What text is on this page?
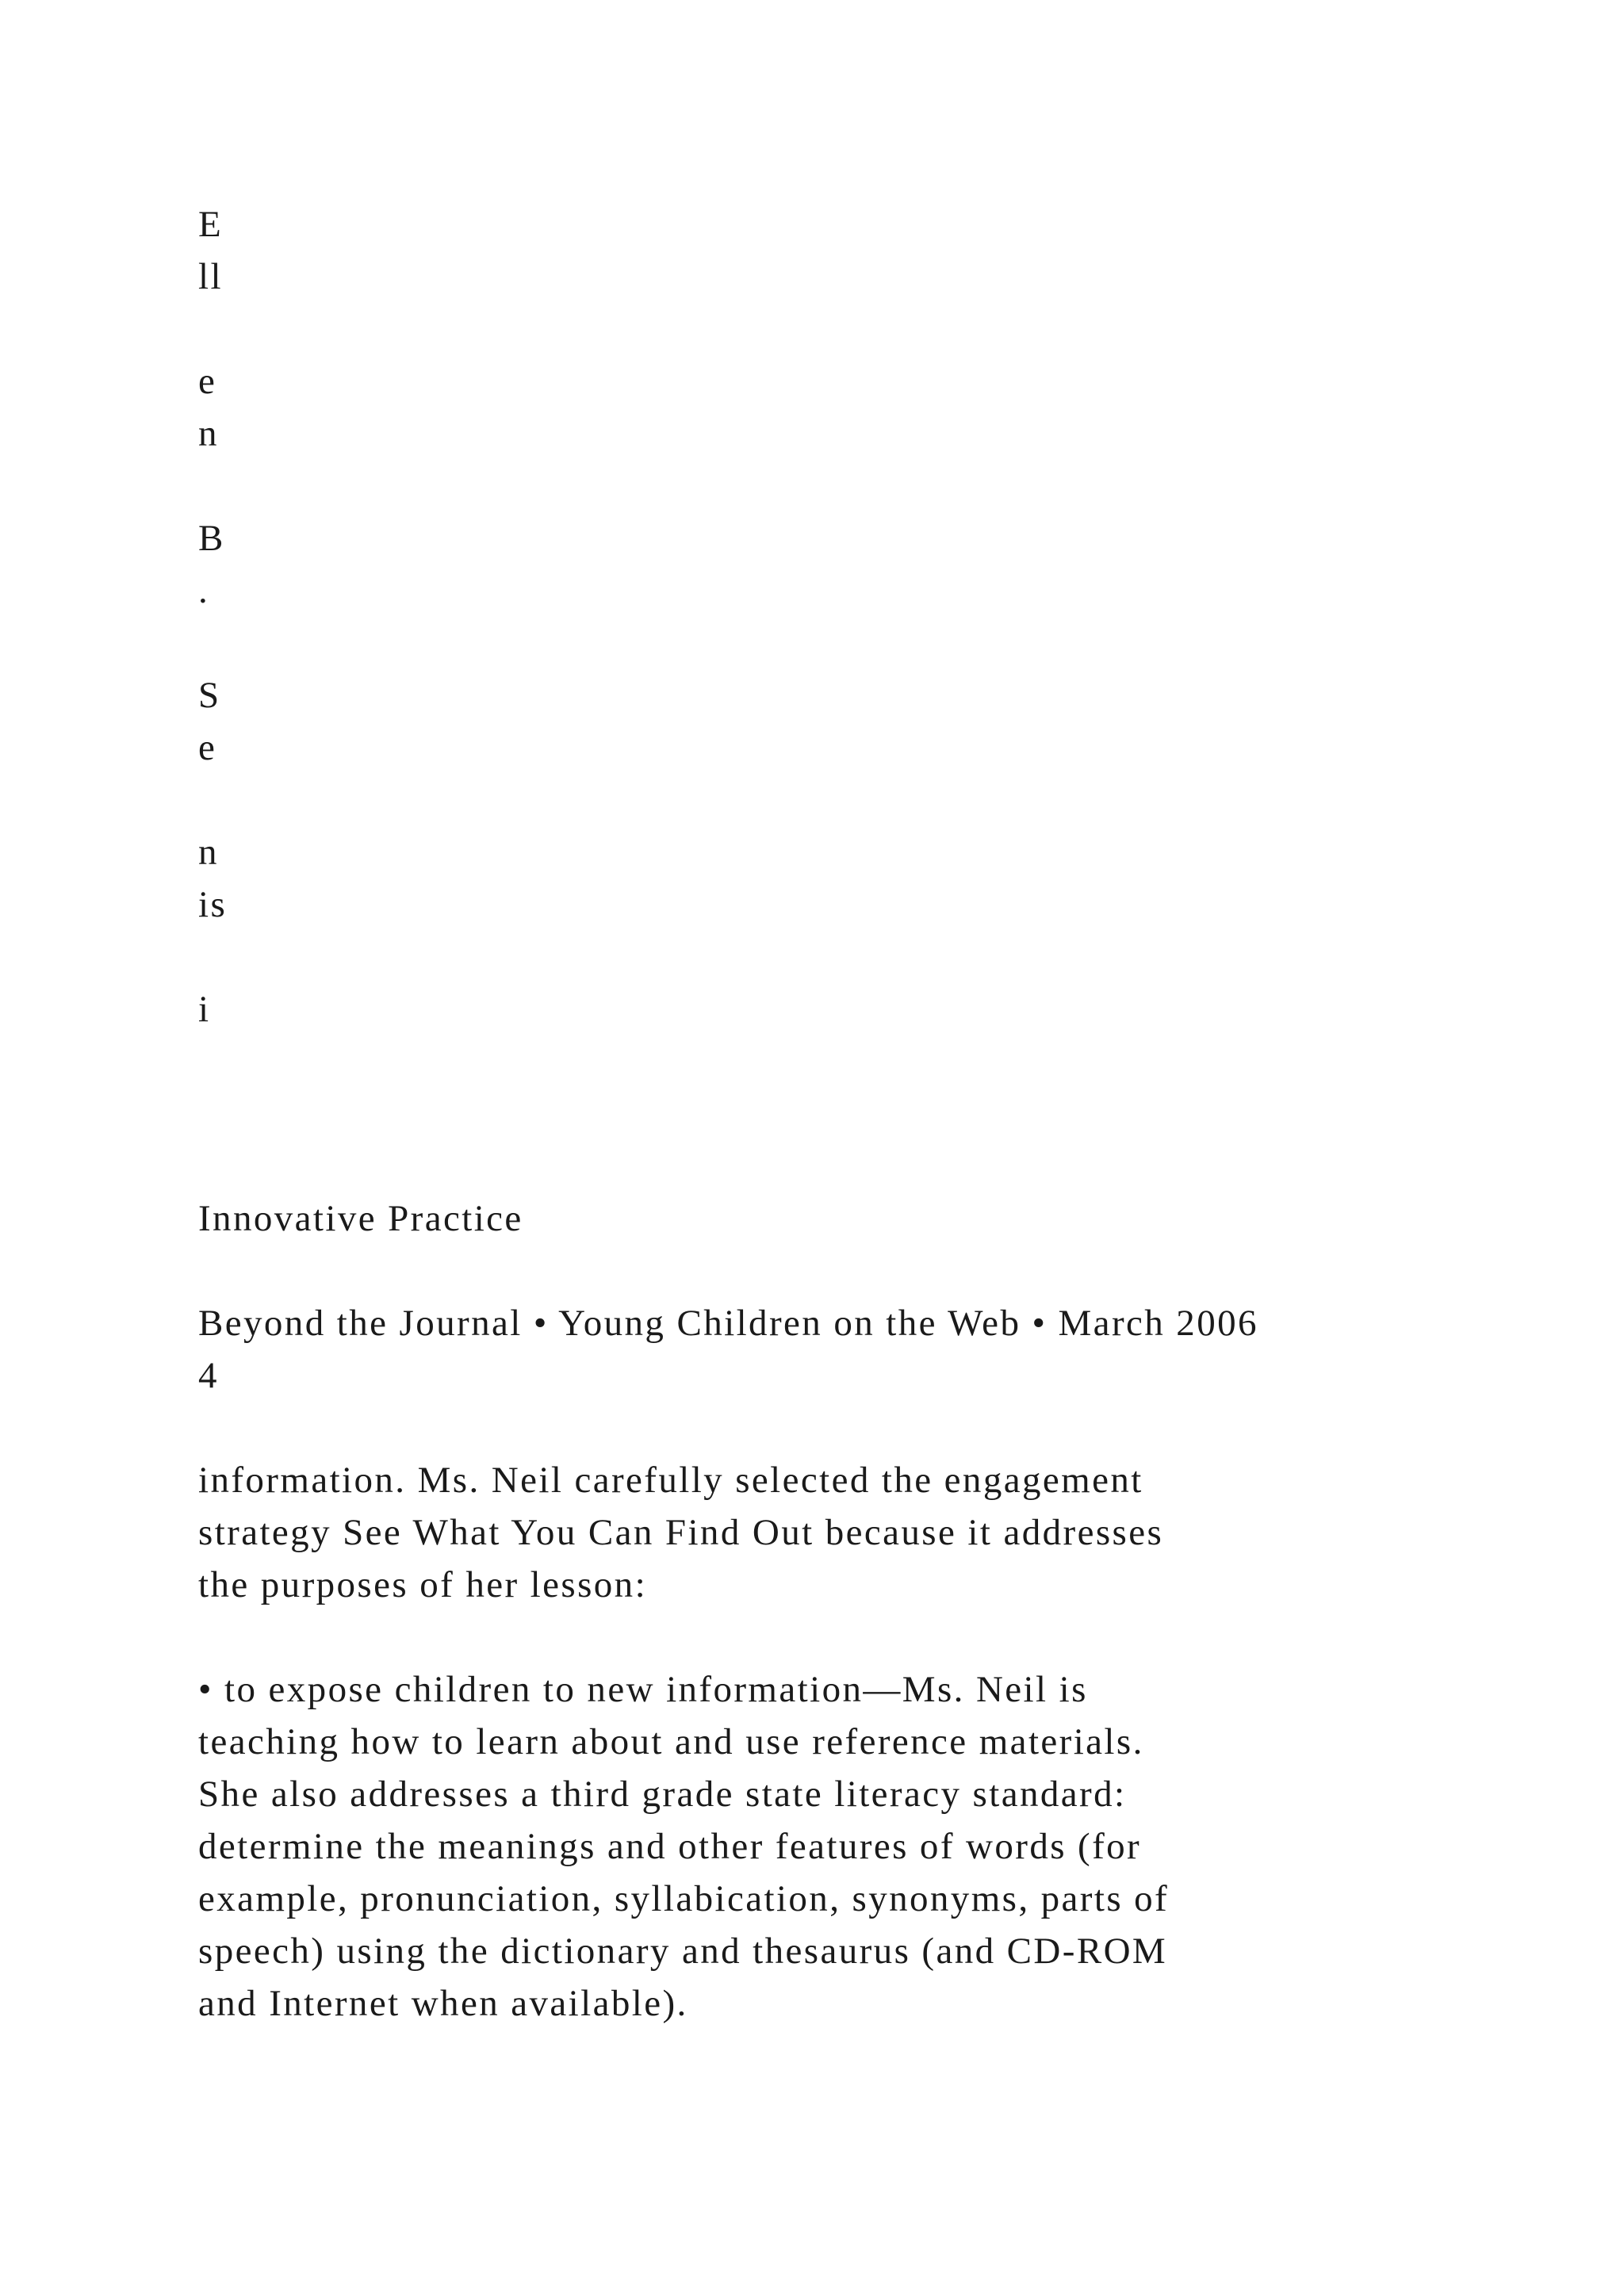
E

ll

e

n

B

.

S

e

n

is

i

Innovative Practice

Beyond the Journal • Young Children on the Web • March 2006

4

information. Ms. Neil carefully selected the engagement

strategy See What You Can Find Out because it addresses

the purposes of her lesson:

• to expose children to new information—Ms. Neil is

teaching how to learn about and use reference materials.

She also addresses a third grade state literacy standard:

determine the meanings and other features of words (for

example, pronunciation, syllabication, synonyms, parts of

speech) using the dictionary and thesaurus (and CD-ROM

and Internet when available).
